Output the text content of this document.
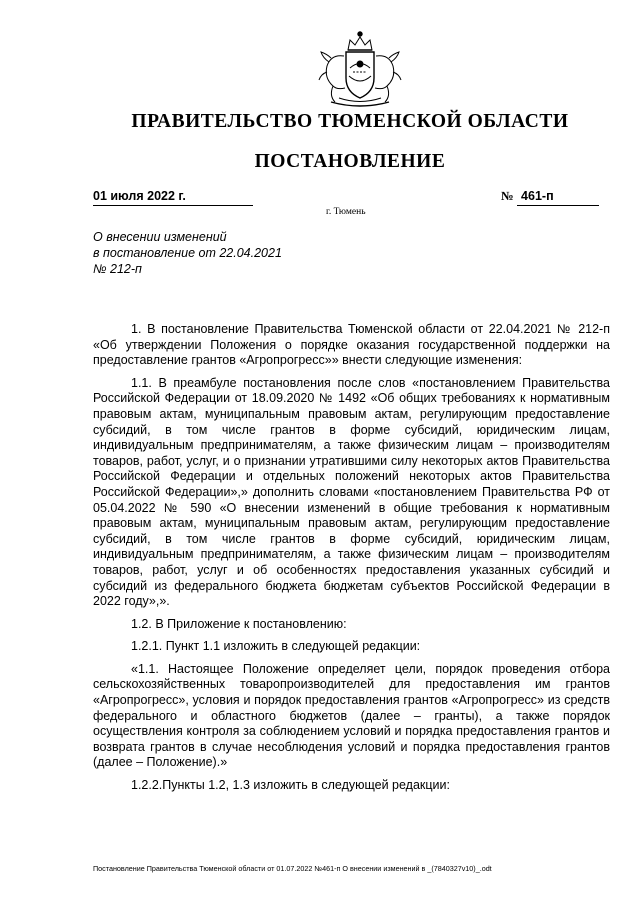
ПРАВИТЕЛЬСТВО ТЮМЕНСКОЙ ОБЛАСТИ
ПОСТАНОВЛЕНИЕ
01 июля 2022 г.	№ 461-п
г. Тюмень
О внесении изменений
в постановление от 22.04.2021
№ 212-п

1. В постановление Правительства Тюменской области от 22.04.2021 № 212-п «Об утверждении Положения о порядке оказания государственной поддержки на предоставление грантов «Агропрогресс»» внести следующие изменения:

1.1. В преамбуле постановления после слов «постановлением Правительства Российской Федерации от 18.09.2020 № 1492 «Об общих требованиях к нормативным правовым актам, муниципальным правовым актам, регулирующим предоставление субсидий, в том числе грантов в форме субсидий, юридическим лицам, индивидуальным предпринимателям, а также физическим лицам – производителям товаров, работ, услуг, и о признании утратившими силу некоторых актов Правительства Российской Федерации и отдельных положений некоторых актов Правительства Российской Федерации»,» дополнить словами «постановлением Правительства РФ от 05.04.2022 № 590 «О внесении изменений в общие требования к нормативным правовым актам, муниципальным правовым актам, регулирующим предоставление субсидий, в том числе грантов в форме субсидий, юридическим лицам, индивидуальным предпринимателям, а также физическим лицам – производителям товаров, работ, услуг и об особенностях предоставления указанных субсидий и субсидий из федерального бюджета бюджетам субъектов Российской Федерации в 2022 году»,».

1.2. В Приложение к постановлению:

1.2.1. Пункт 1.1 изложить в следующей редакции:

«1.1. Настоящее Положение определяет цели, порядок проведения отбора сельскохозяйственных товаропроизводителей для предоставления им грантов «Агропрогресс», условия и порядок предоставления грантов «Агропрогресс» из средств федерального и областного бюджетов (далее – гранты), а также порядок осуществления контроля за соблюдением условий и порядка предоставления грантов и возврата грантов в случае несоблюдения условий и порядка предоставления грантов (далее – Положение).»

1.2.2.Пункты 1.2, 1.3 изложить в следующей редакции:

Постановление Правительства Тюменской области от 01.07.2022 №461-п О внесении изменений в _(7840327v10)_.odt
